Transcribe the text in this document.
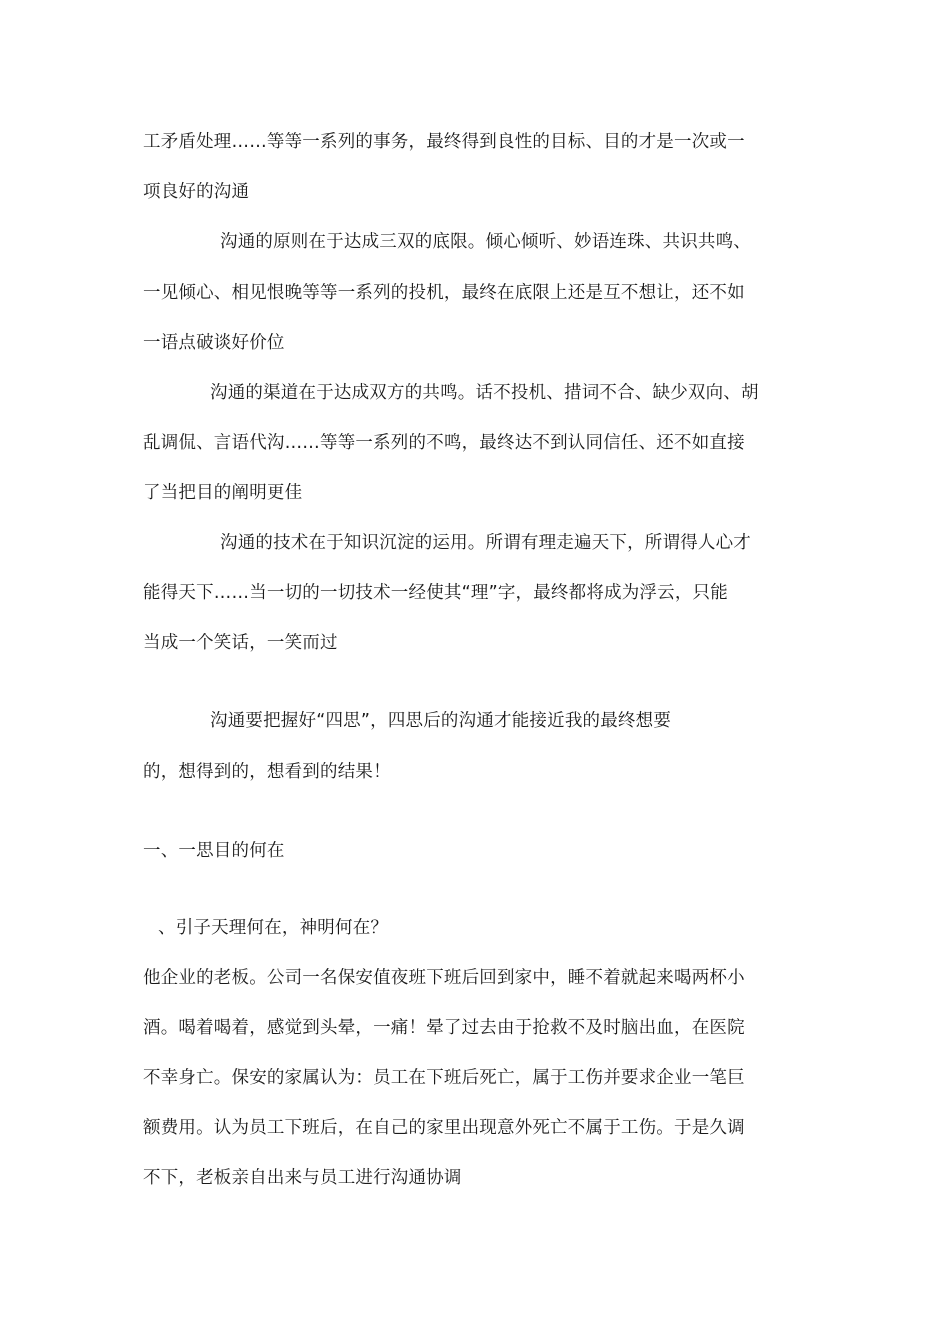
工矛盾处理……等等一系列的事务，最终得到良性的目标、目的才是一次或一
项良好的沟通
沟通的原则在于达成三双的底限。倾心倾听、妙语连珠、共识共鸣、
一见倾心、相见恨晚等等一系列的投机，最终在底限上还是互不想让，还不如
一语点破谈好价位
沟通的渠道在于达成双方的共鸣。话不投机、措词不合、缺少双向、胡
乱调侃、言语代沟……等等一系列的不鸣，最终达不到认同信任、还不如直接
了当把目的阐明更佳
沟通的技术在于知识沉淀的运用。所谓有理走遍天下，所谓得人心才
能得天下……当一切的一切技术一经使其“理”字，最终都将成为浮云，只能
当成一个笑话，一笑而过
沟通要把握好“四思”，四思后的沟通才能接近我的最终想要
的，想得到的，想看到的结果！
一、一思目的何在
、引子天理何在，神明何在？
他企业的老板。公司一名保安值夜班下班后回到家中，睡不着就起来喝两杯小
酒。喝着喝着，感觉到头晕，一痛！晕了过去由于抢救不及时脑出血，在医院
不幸身亡。保安的家属认为：员工在下班后死亡，属于工伤并要求企业一笔巨
额费用。认为员工下班后，在自己的家里出现意外死亡不属于工伤。于是久调
不下，老板亲自出来与员工进行沟通协调
